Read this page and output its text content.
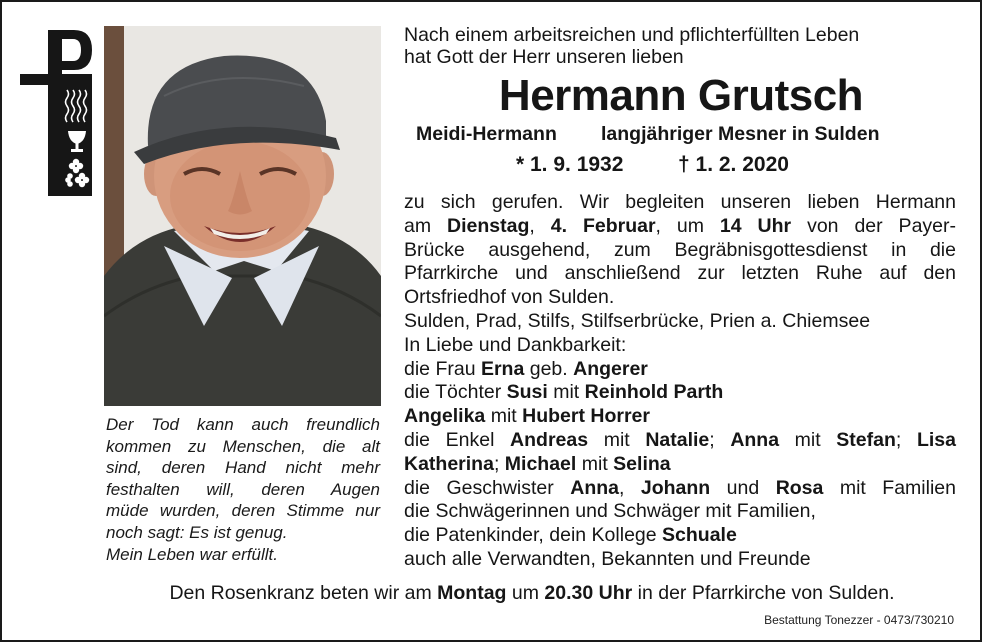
Der Tod kann auch freundlich
kommen zu Menschen, die alt
sind, deren Hand nicht mehr
festhalten will, deren Augen
müde wurden, deren Stimme nur
noch sagt: Es ist genug.
Mein Leben war erfüllt.
Nach einem arbeitsreichen und pflichterfüllten Leben
hat Gott der Herr unseren lieben
Hermann Grutsch
Meidi-Hermann langjähriger Mesner in Sulden
* 1. 9. 1932	† 1. 2. 2020
zu sich gerufen. Wir begleiten unseren lieben Hermann
am Dienstag, 4. Februar, um 14 Uhr von der Payer-
Brücke ausgehend, zum Begräbnisgottesdienst in die
Pfarrkirche und anschließend zur letzten Ruhe auf den
Ortsfriedhof von Sulden.
Sulden, Prad, Stilfs, Stilfserbrücke, Prien a. Chiemsee
In Liebe und Dankbarkeit:
die Frau Erna geb. Angerer
die Töchter Susi mit Reinhold Parth
Angelika mit Hubert Horrer
die Enkel Andreas mit Natalie; Anna mit Stefan; Lisa
Katherina; Michael mit Selina
die Geschwister Anna, Johann und Rosa mit Familien
die Schwägerinnen und Schwäger mit Familien,
die Patenkinder, dein Kollege Schuale
auch alle Verwandten, Bekannten und Freunde
Den Rosenkranz beten wir am Montag um 20.30 Uhr in der Pfarrkirche von Sulden.
Bestattung Tonezzer - 0473/730210
